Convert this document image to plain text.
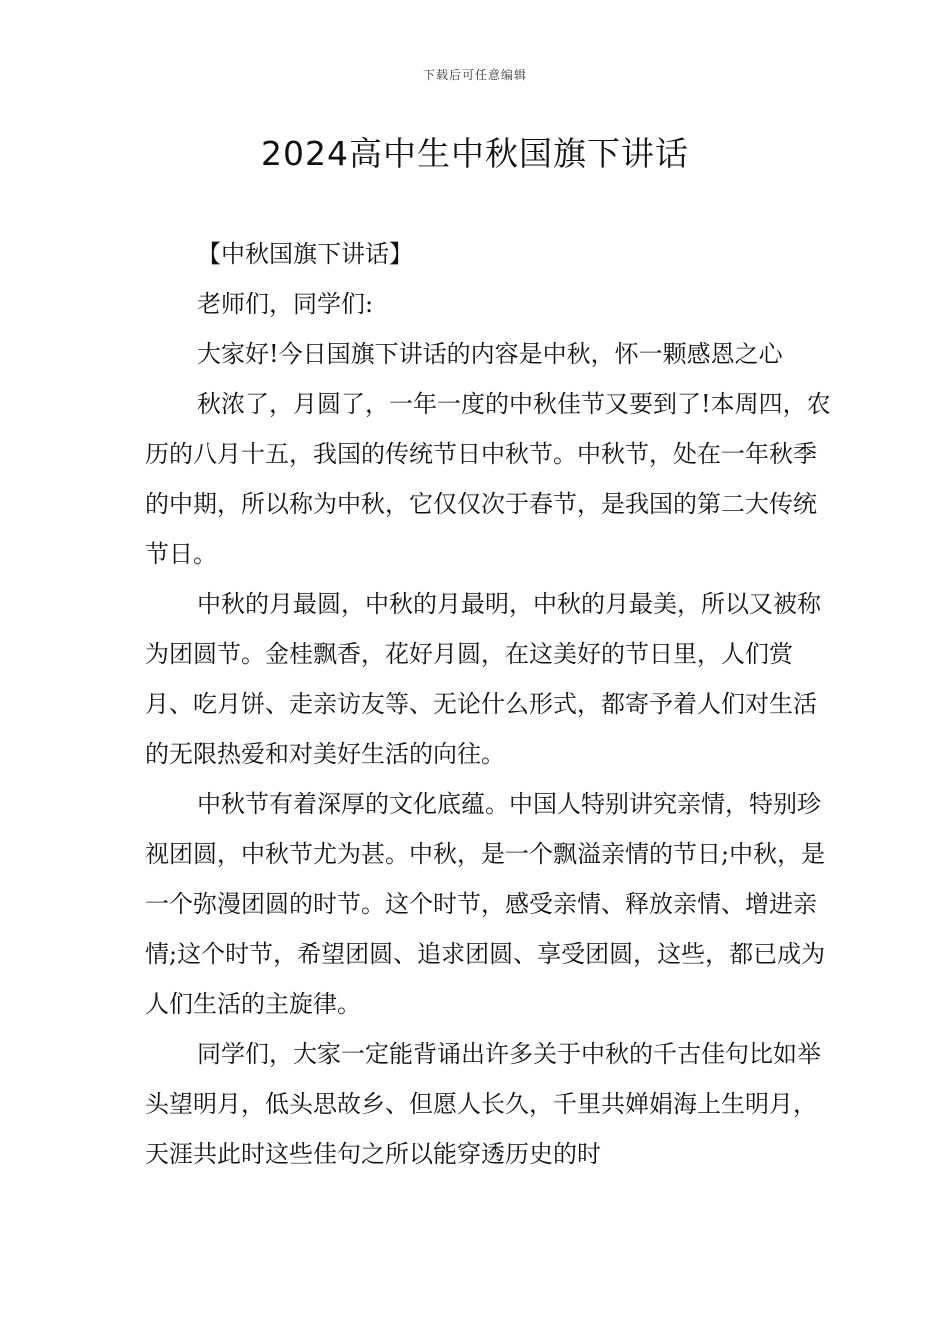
下载后可任意编辑
2024高中生中秋国旗下讲话

【中秋国旗下讲话】

老师们，同学们:

大家好!今日国旗下讲话的内容是中秋，怀一颗感恩之心

秋浓了，月圆了，一年一度的中秋佳节又要到了!本周四，农历的八月十五，我国的传统节日中秋节。中秋节，处在一年秋季的中期，所以称为中秋，它仅仅次于春节，是我国的第二大传统节日。

中秋的月最圆，中秋的月最明，中秋的月最美，所以又被称为团圆节。金桂飘香，花好月圆，在这美好的节日里，人们赏月、吃月饼、走亲访友等、无论什么形式，都寄予着人们对生活的无限热爱和对美好生活的向往。

中秋节有着深厚的文化底蕴。中国人特别讲究亲情，特别珍视团圆，中秋节尤为甚。中秋，是一个飘溢亲情的节日;中秋，是一个弥漫团圆的时节。这个时节，感受亲情、释放亲情、增进亲情;这个时节，希望团圆、追求团圆、享受团圆，这些，都已成为人们生活的主旋律。

同学们，大家一定能背诵出许多关于中秋的千古佳句比如举头望明月，低头思故乡、但愿人长久，千里共婵娟海上生明月，天涯共此时这些佳句之所以能穿透历史的时
